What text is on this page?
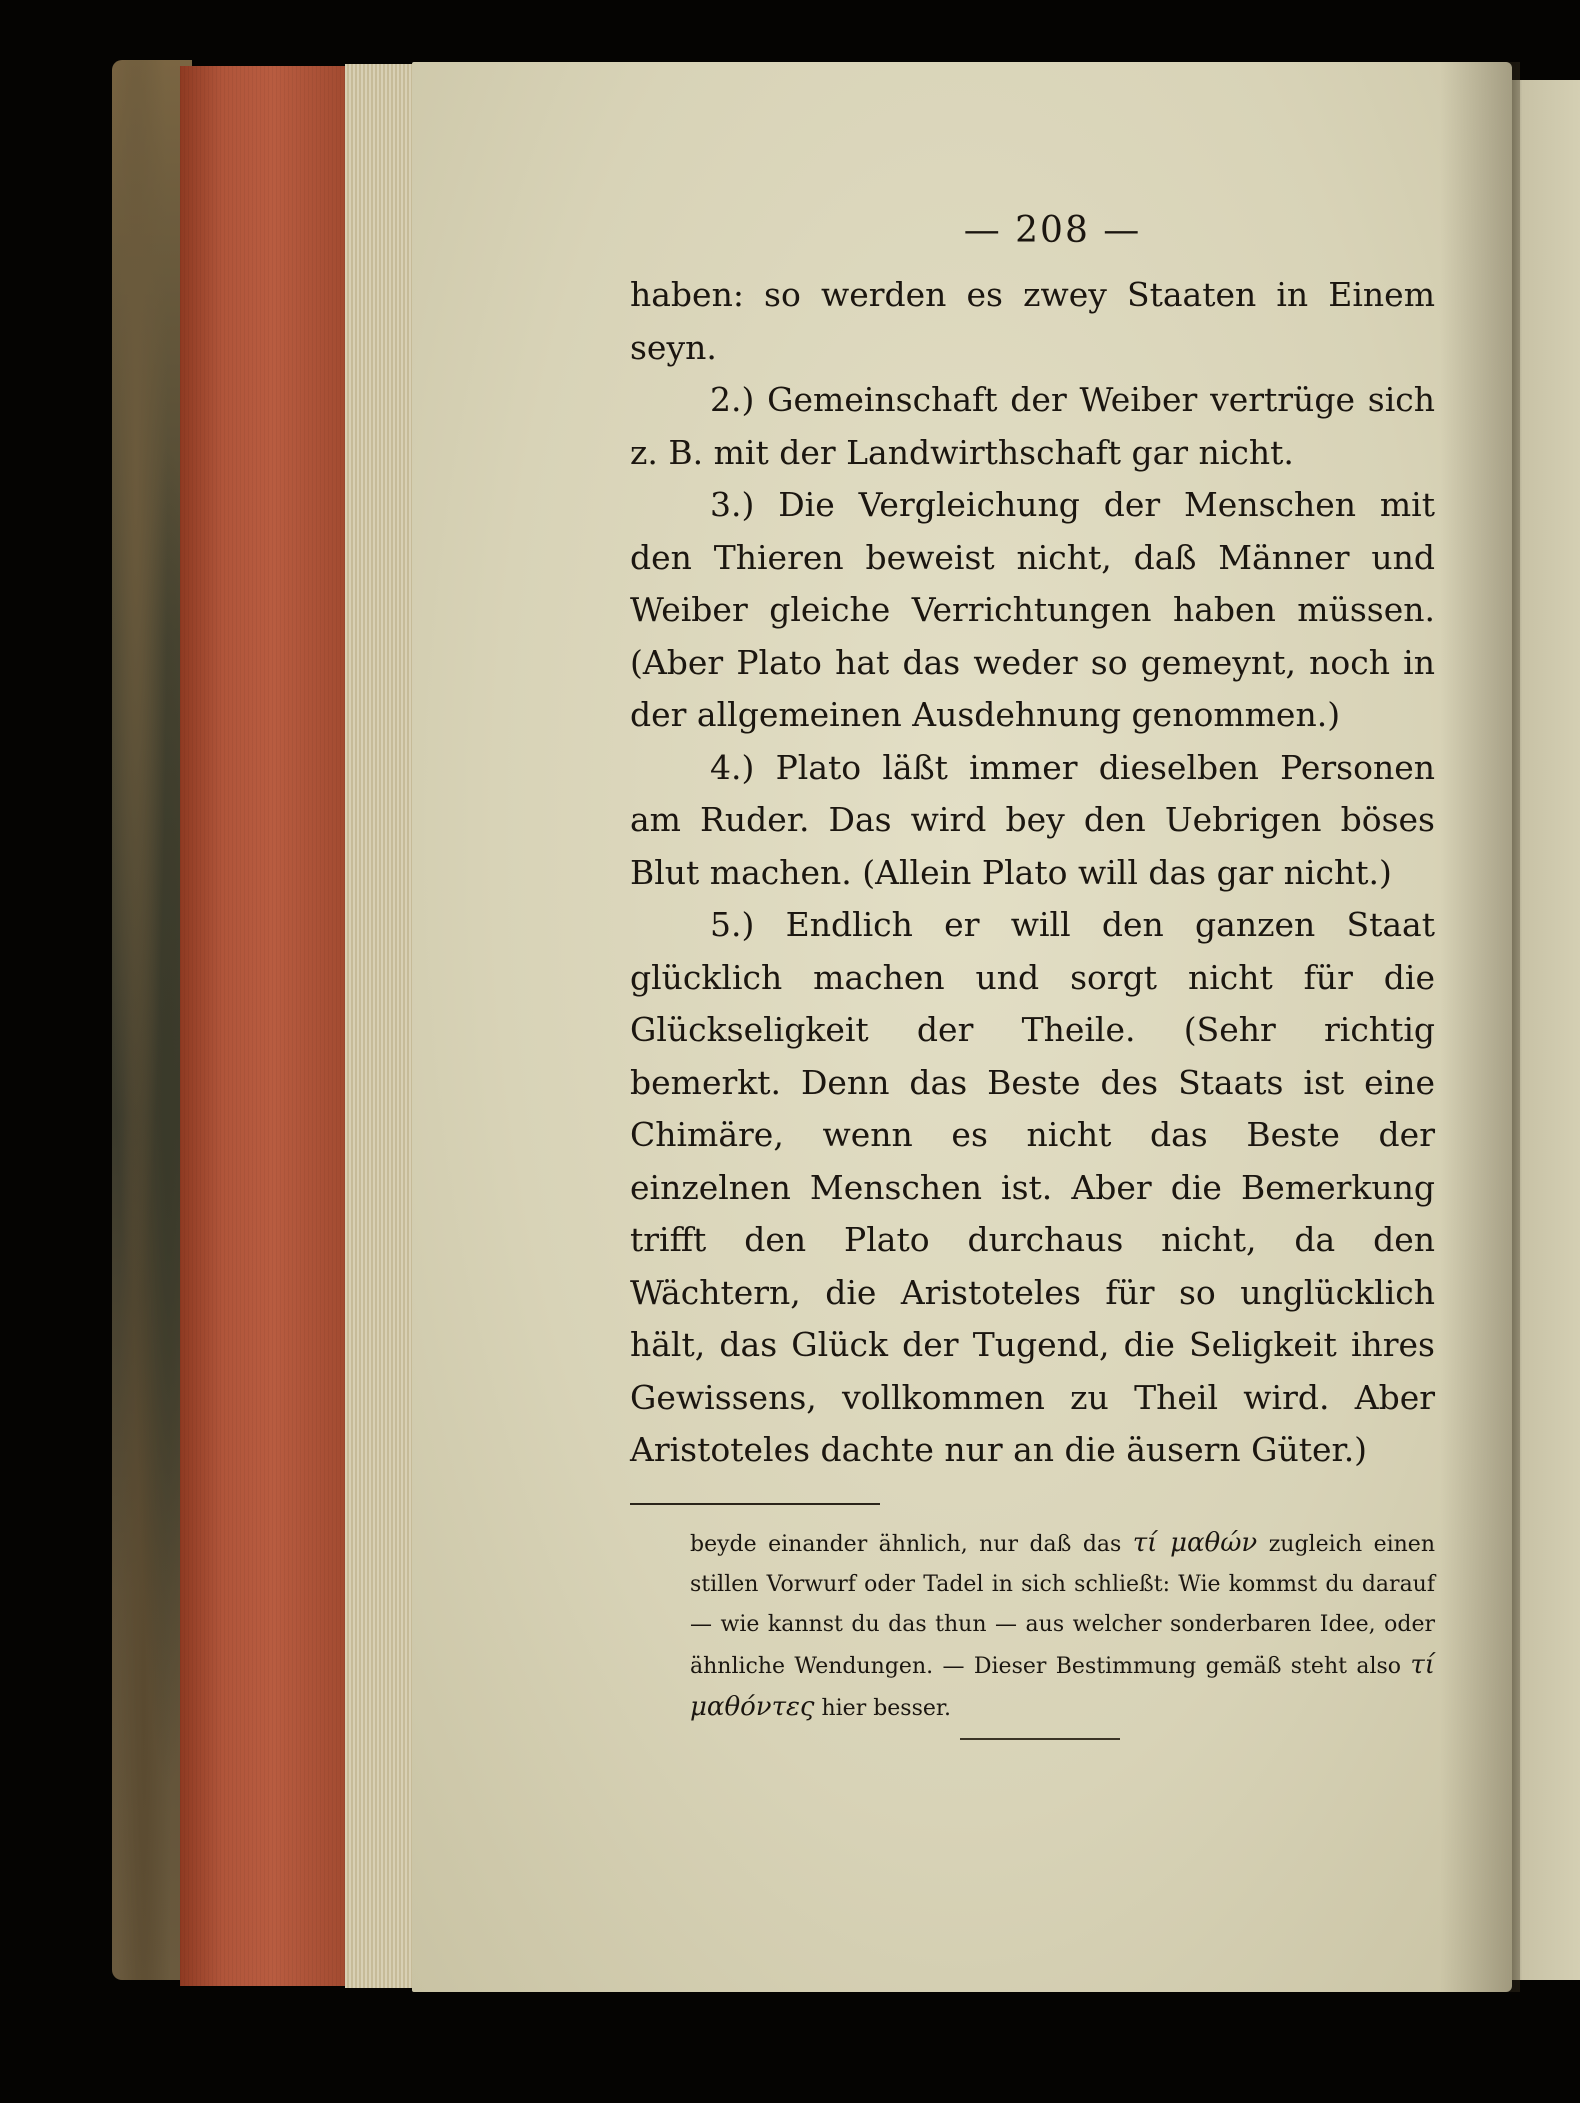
— 208 —

haben: so werden es zwey Staaten in Einem seyn.

2.) Gemeinschaft der Weiber vertrüge sich z. B. mit der Landwirthschaft gar nicht.

3.) Die Vergleichung der Menschen mit den Thieren beweist nicht, daß Männer und Weiber gleiche Verrichtungen haben müssen. (Aber Plato hat das weder so gemeynt, noch in der allgemeinen Ausdehnung genommen.)

4.) Plato läßt immer dieselben Personen am Ruder. Das wird bey den Uebrigen böses Blut machen. (Allein Plato will das gar nicht.)

5.) Endlich er will den ganzen Staat glücklich machen und sorgt nicht für die Glückseligkeit der Theile. (Sehr richtig bemerkt. Denn das Beste des Staats ist eine Chimäre, wenn es nicht das Beste der einzelnen Menschen ist. Aber die Bemerkung trifft den Plato durchaus nicht, da den Wächtern, die Aristoteles für so unglücklich hält, das Glück der Tugend, die Seligkeit ihres Gewissens, vollkommen zu Theil wird. Aber Aristoteles dachte nur an die äusern Güter.)

beyde einander ähnlich, nur daß das τί μαθών zugleich einen stillen Vorwurf oder Tadel in sich schließt: Wie kommst du darauf — wie kannst du das thun — aus welcher sonderbaren Idee, oder ähnliche Wendungen. — Dieser Bestimmung gemäß steht also τί μαθόντες hier besser.
